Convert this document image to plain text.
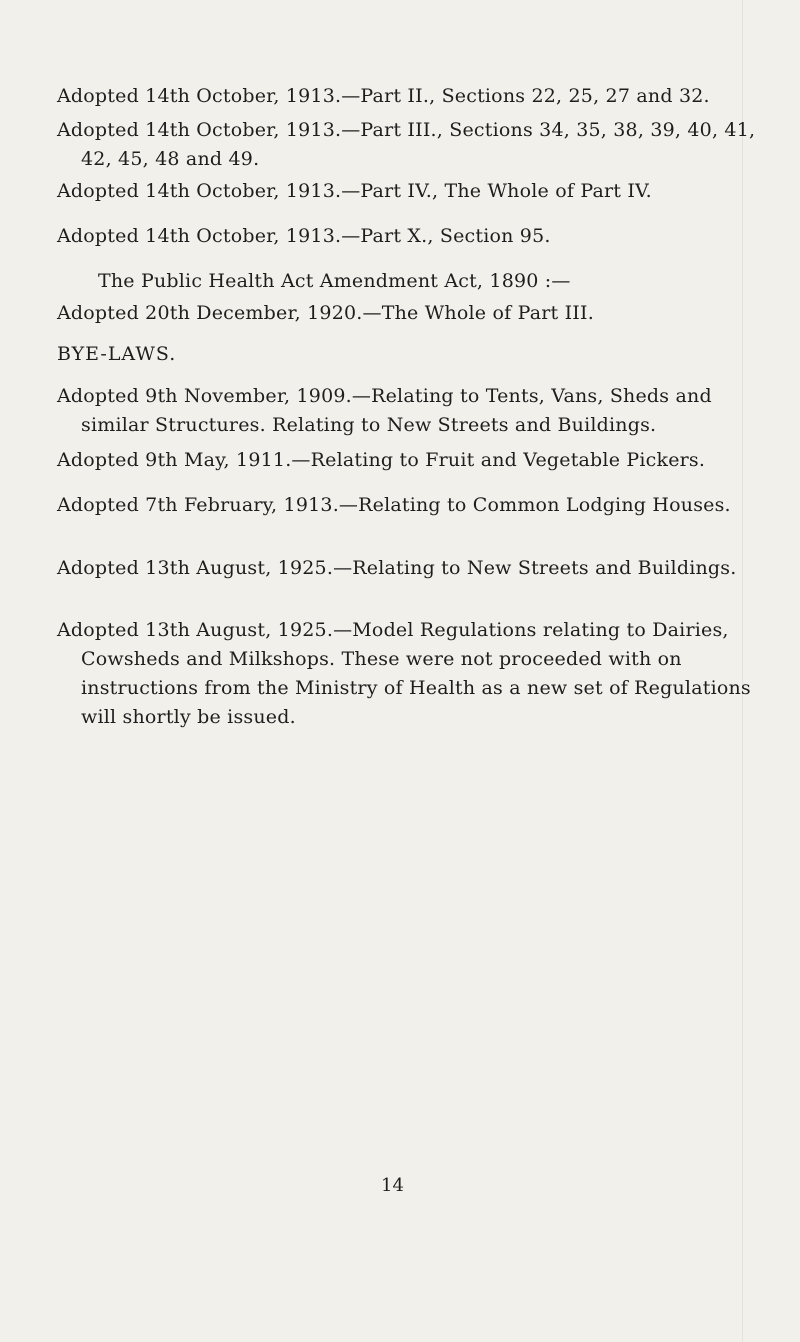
Adopted 14th October, 1913.—Part II., Sections 22, 25, 27 and 32.

Adopted 14th October, 1913.—Part III., Sections 34, 35, 38, 39, 40, 41, 42, 45, 48 and 49.

Adopted 14th October, 1913.—Part IV., The Whole of Part IV.

Adopted 14th October, 1913.—Part X., Section 95.

The Public Health Act Amendment Act, 1890 :—

Adopted 20th December, 1920.—The Whole of Part III.

BYE-LAWS.

Adopted 9th November, 1909.—Relating to Tents, Vans, Sheds and similar Structures. Relating to New Streets and Buildings.

Adopted 9th May, 1911.—Relating to Fruit and Vegetable Pickers.

Adopted 7th February, 1913.—Relating to Common Lodging Houses.

Adopted 13th August, 1925.—Relating to New Streets and Buildings.

Adopted 13th August, 1925.—Model Regulations relating to Dairies, Cowsheds and Milkshops. These were not proceeded with on instructions from the Ministry of Health as a new set of Regulations will shortly be issued.

14
